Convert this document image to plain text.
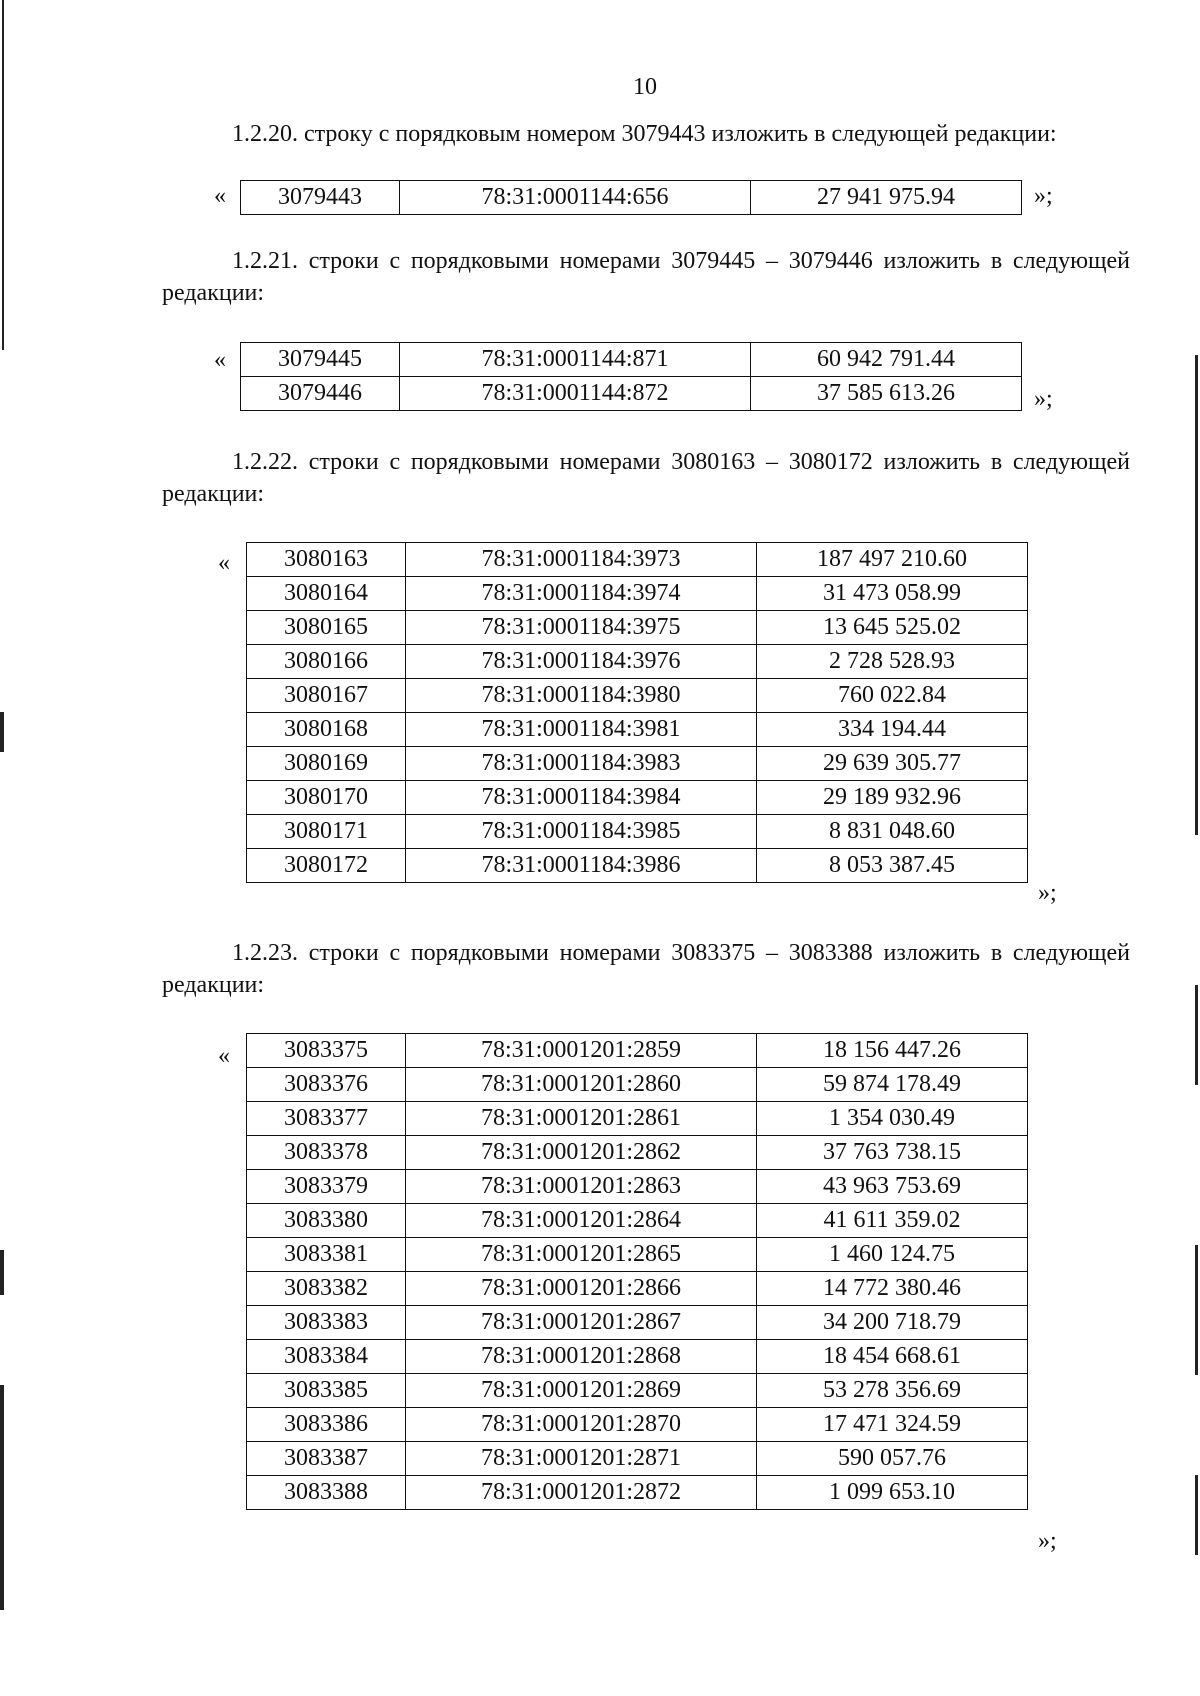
10
1.2.20. строку с порядковым номером 3079443 изложить в следующей редакции:
« 3079443	78:31:0001144:656	27 941 975.94	»;
1.2.21. строки с порядковыми номерами 3079445 – 3079446 изложить в следующей редакции:
« 3079445	78:31:0001144:871	60 942 791.44
3079446	78:31:0001144:872	37 585 613.26	»;
1.2.22. строки с порядковыми номерами 3080163 – 3080172 изложить в следующей редакции:
« 3080163	78:31:0001184:3973	187 497 210.60
3080164	78:31:0001184:3974	31 473 058.99
3080165	78:31:0001184:3975	13 645 525.02
3080166	78:31:0001184:3976	2 728 528.93
3080167	78:31:0001184:3980	760 022.84
3080168	78:31:0001184:3981	334 194.44
3080169	78:31:0001184:3983	29 639 305.77
3080170	78:31:0001184:3984	29 189 932.96
3080171	78:31:0001184:3985	8 831 048.60
3080172	78:31:0001184:3986	8 053 387.45
»;
1.2.23. строки с порядковыми номерами 3083375 – 3083388 изложить в следующей редакции:
« 3083375	78:31:0001201:2859	18 156 447.26
3083376	78:31:0001201:2860	59 874 178.49
3083377	78:31:0001201:2861	1 354 030.49
3083378	78:31:0001201:2862	37 763 738.15
3083379	78:31:0001201:2863	43 963 753.69
3083380	78:31:0001201:2864	41 611 359.02
3083381	78:31:0001201:2865	1 460 124.75
3083382	78:31:0001201:2866	14 772 380.46
3083383	78:31:0001201:2867	34 200 718.79
3083384	78:31:0001201:2868	18 454 668.61
3083385	78:31:0001201:2869	53 278 356.69
3083386	78:31:0001201:2870	17 471 324.59
3083387	78:31:0001201:2871	590 057.76
3083388	78:31:0001201:2872	1 099 653.10
»;
